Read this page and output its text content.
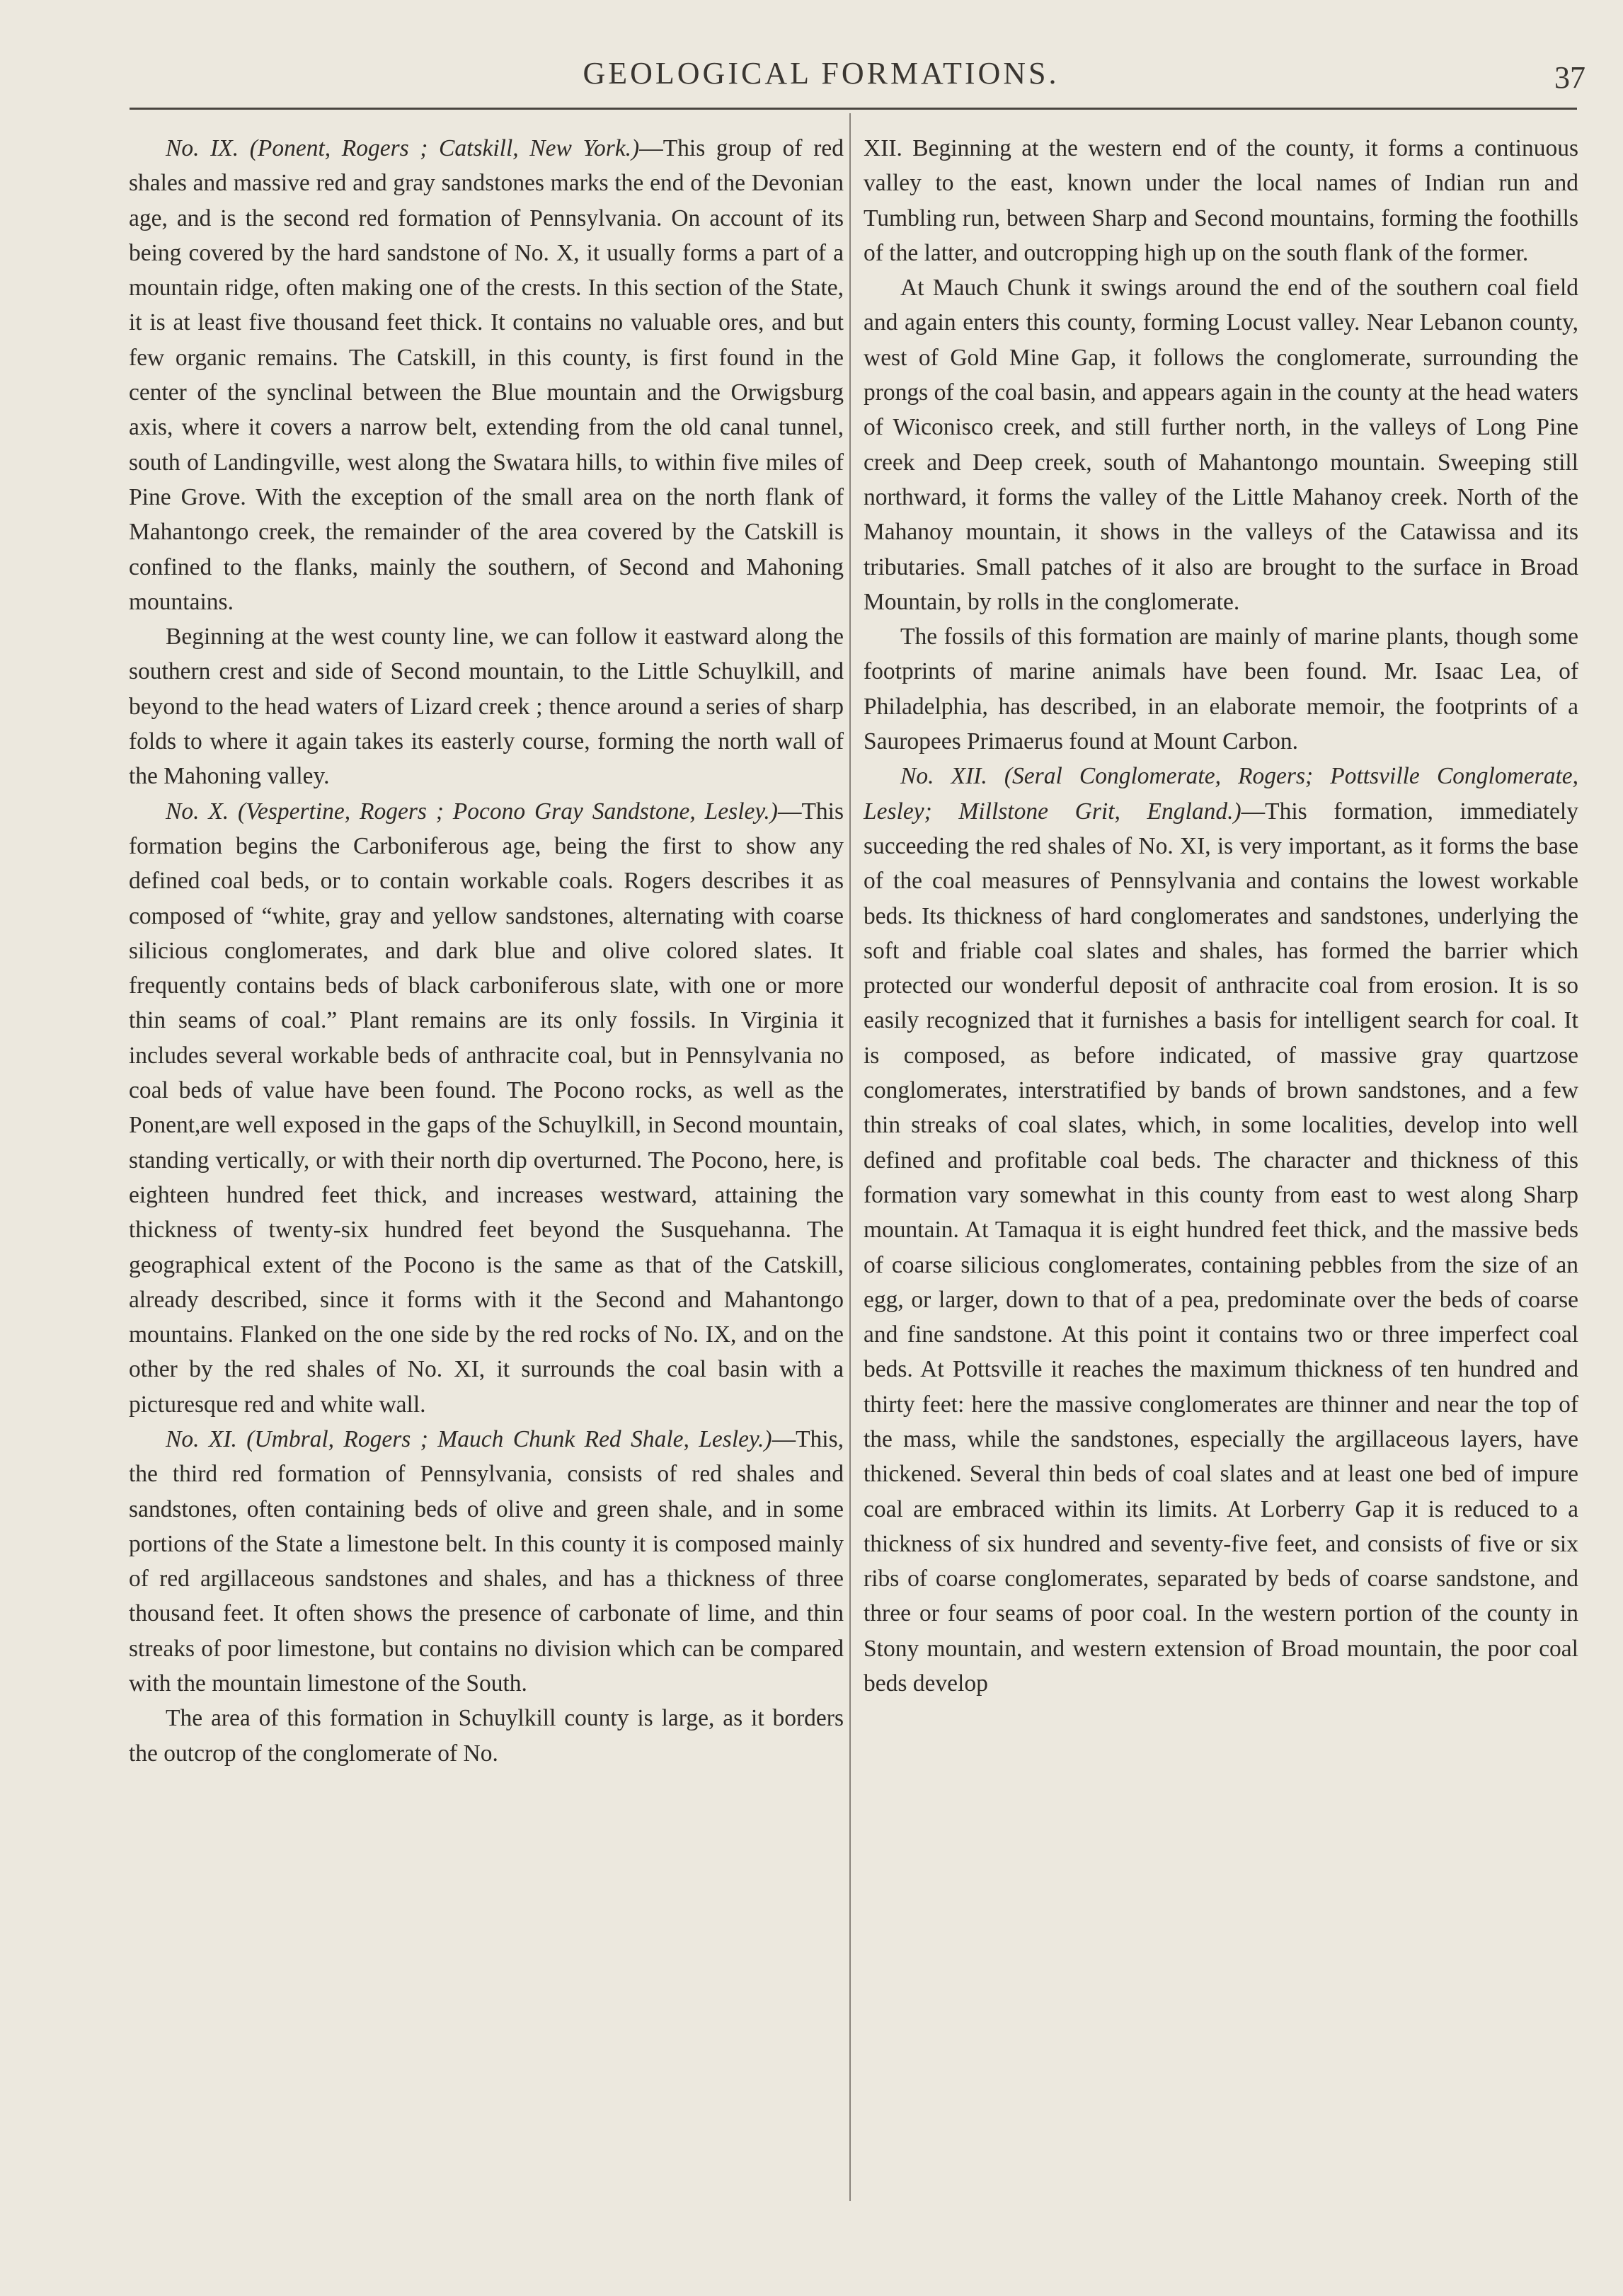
GEOLOGICAL FORMATIONS.	37

No. IX. (Ponent, Rogers ; Catskill, New York.)—This group of red shales and massive red and gray sandstones marks the end of the Devonian age, and is the second red formation of Pennsylvania. On account of its being covered by the hard sandstone of No. X, it usually forms a part of a mountain ridge, often making one of the crests. In this section of the State, it is at least five thousand feet thick. It contains no valuable ores, and but few organic remains. The Catskill, in this county, is first found in the center of the synclinal between the Blue mountain and the Orwigsburg axis, where it covers a narrow belt, extending from the old canal tunnel, south of Landingville, west along the Swatara hills, to within five miles of Pine Grove. With the exception of the small area on the north flank of Mahantongo creek, the remainder of the area covered by the Catskill is confined to the flanks, mainly the southern, of Second and Mahoning mountains.

Beginning at the west county line, we can follow it eastward along the southern crest and side of Second mountain, to the Little Schuylkill, and beyond to the head waters of Lizard creek ; thence around a series of sharp folds to where it again takes its easterly course, forming the north wall of the Mahoning valley.

No. X. (Vespertine, Rogers ; Pocono Gray Sandstone, Lesley.)—This formation begins the Carboniferous age, being the first to show any defined coal beds, or to contain workable coals. Rogers describes it as composed of “white, gray and yellow sandstones, alternating with coarse silicious conglomerates, and dark blue and olive colored slates. It frequently contains beds of black carboniferous slate, with one or more thin seams of coal.” Plant remains are its only fossils. In Virginia it includes several workable beds of anthracite coal, but in Pennsylvania no coal beds of value have been found. The Pocono rocks, as well as the Ponent,are well exposed in the gaps of the Schuylkill, in Second mountain, standing vertically, or with their north dip overturned. The Pocono, here, is eighteen hundred feet thick, and increases westward, attaining the thickness of twenty-six hundred feet beyond the Susquehanna. The geographical extent of the Pocono is the same as that of the Catskill, already described, since it forms with it the Second and Mahantongo mountains. Flanked on the one side by the red rocks of No. IX, and on the other by the red shales of No. XI, it surrounds the coal basin with a picturesque red and white wall.

No. XI. (Umbral, Rogers ; Mauch Chunk Red Shale, Lesley.)—This, the third red formation of Pennsylvania, consists of red shales and sandstones, often containing beds of olive and green shale, and in some portions of the State a limestone belt. In this county it is composed mainly of red argillaceous sandstones and shales, and has a thickness of three thousand feet. It often shows the presence of carbonate of lime, and thin streaks of poor limestone, but contains no division which can be compared with the mountain limestone of the South.

The area of this formation in Schuylkill county is large, as it borders the outcrop of the conglomerate of No.

XII. Beginning at the western end of the county, it forms a continuous valley to the east, known under the local names of Indian run and Tumbling run, between Sharp and Second mountains, forming the foothills of the latter, and outcropping high up on the south flank of the former.

At Mauch Chunk it swings around the end of the southern coal field and again enters this county, forming Locust valley. Near Lebanon county, west of Gold Mine Gap, it follows the conglomerate, surrounding the prongs of the coal basin, and appears again in the county at the head waters of Wiconisco creek, and still further north, in the valleys of Long Pine creek and Deep creek, south of Mahantongo mountain. Sweeping still northward, it forms the valley of the Little Mahanoy creek. North of the Mahanoy mountain, it shows in the valleys of the Catawissa and its tributaries. Small patches of it also are brought to the surface in Broad Mountain, by rolls in the conglomerate.

The fossils of this formation are mainly of marine plants, though some footprints of marine animals have been found. Mr. Isaac Lea, of Philadelphia, has described, in an elaborate memoir, the footprints of a Sauropees Primaerus found at Mount Carbon.

No. XII. (Seral Conglomerate, Rogers; Pottsville Conglomerate, Lesley; Millstone Grit, England.)—This formation, immediately succeeding the red shales of No. XI, is very important, as it forms the base of the coal measures of Pennsylvania and contains the lowest workable beds. Its thickness of hard conglomerates and sandstones, underlying the soft and friable coal slates and shales, has formed the barrier which protected our wonderful deposit of anthracite coal from erosion. It is so easily recognized that it furnishes a basis for intelligent search for coal. It is composed, as before indicated, of massive gray quartzose conglomerates, interstratified by bands of brown sandstones, and a few thin streaks of coal slates, which, in some localities, develop into well defined and profitable coal beds. The character and thickness of this formation vary somewhat in this county from east to west along Sharp mountain. At Tamaqua it is eight hundred feet thick, and the massive beds of coarse silicious conglomerates, containing pebbles from the size of an egg, or larger, down to that of a pea, predominate over the beds of coarse and fine sandstone. At this point it contains two or three imperfect coal beds. At Pottsville it reaches the maximum thickness of ten hundred and thirty feet: here the massive conglomerates are thinner and near the top of the mass, while the sandstones, especially the argillaceous layers, have thickened. Several thin beds of coal slates and at least one bed of impure coal are embraced within its limits. At Lorberry Gap it is reduced to a thickness of six hundred and seventy-five feet, and consists of five or six ribs of coarse conglomerates, separated by beds of coarse sandstone, and three or four seams of poor coal. In the western portion of the county in Stony mountain, and western extension of Broad mountain, the poor coal beds develop
